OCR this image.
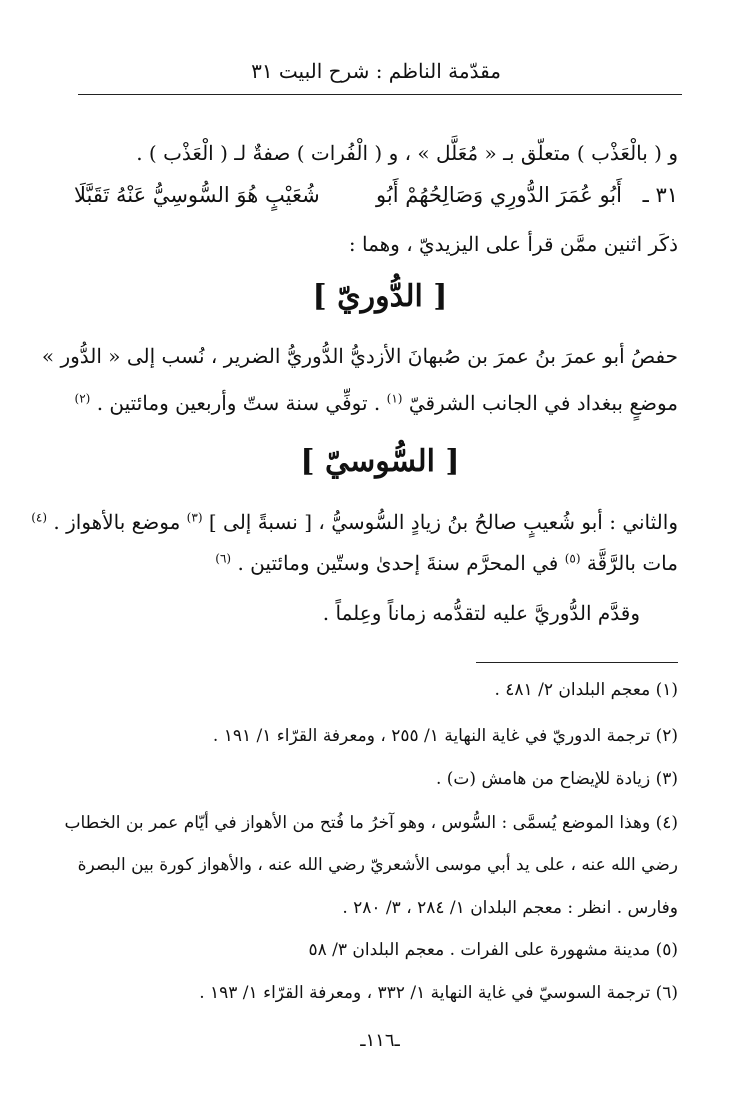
مقدّمة الناظم : شرح البيت ٣١
و ( بالْعَذْب ) متعلّق بـ « مُعَلَّل » ، و ( الْفُرات ) صفةٌ لـ ( الْعَذْب ) .
٣١ ـ
أَبُو عُمَرَ الدُّورِي وَصَالِحُهُمْ أَبُو
شُعَيْبٍ هُوَ السُّوسِيُّ عَنْهُ تَقَبَّلَا
ذكَر اثنين ممَّن قرأ على اليزيديّ ، وهما :
[ الدُّوريّ ]
حفصُ أبو عمرَ بنُ عمرَ بن صُبهانَ الأزديُّ الدُّوريُّ الضرير ، نُسب إلى « الدُّور »
موضعٍ ببغداد في الجانب الشرقيّ $^{(١)}$ . توفِّي سنة ستّ وأربعين ومائتين . $^{(٢)}$
[ السُّوسيّ ]
والثاني : أبو شُعيبٍ صالحُ بنُ زيادٍ السُّوسيُّ ، [ نسبةً إلى ] $^{(٣)}$ موضع بالأهواز . $^{(٤)}$
مات بالرَّقَّة $^{(٥)}$ في المحرَّم سنةَ إحدىٰ وستّين ومائتين . $^{(٦)}$
وقدَّم الدُّوريَّ عليه لتقدُّمه زماناً وعِلماً .
(١) معجم البلدان ٢/ ٤٨١ .
(٢) ترجمة الدوريّ في غاية النهاية ١/ ٢٥٥ ، ومعرفة القرّاء ١/ ١٩١ .
(٣) زيادة للإيضاح من هامش (ت) .
(٤) وهذا الموضع يُسمَّى : السُّوس ، وهو آخرُ ما فُتح من الأهواز في أيّام عمر بن الخطاب
رضي الله عنه ، على يد أبي موسى الأشعريّ رضي الله عنه ، والأهواز كورة بين البصرة
وفارس . انظر : معجم البلدان ١/ ٢٨٤ ، ٣/ ٢٨٠ .
(٥) مدينة مشهورة على الفرات . معجم البلدان ٣/ ٥٨
(٦) ترجمة السوسيّ في غاية النهاية ١/ ٣٣٢ ، ومعرفة القرّاء ١/ ١٩٣ .
ـ١١٦ـ
